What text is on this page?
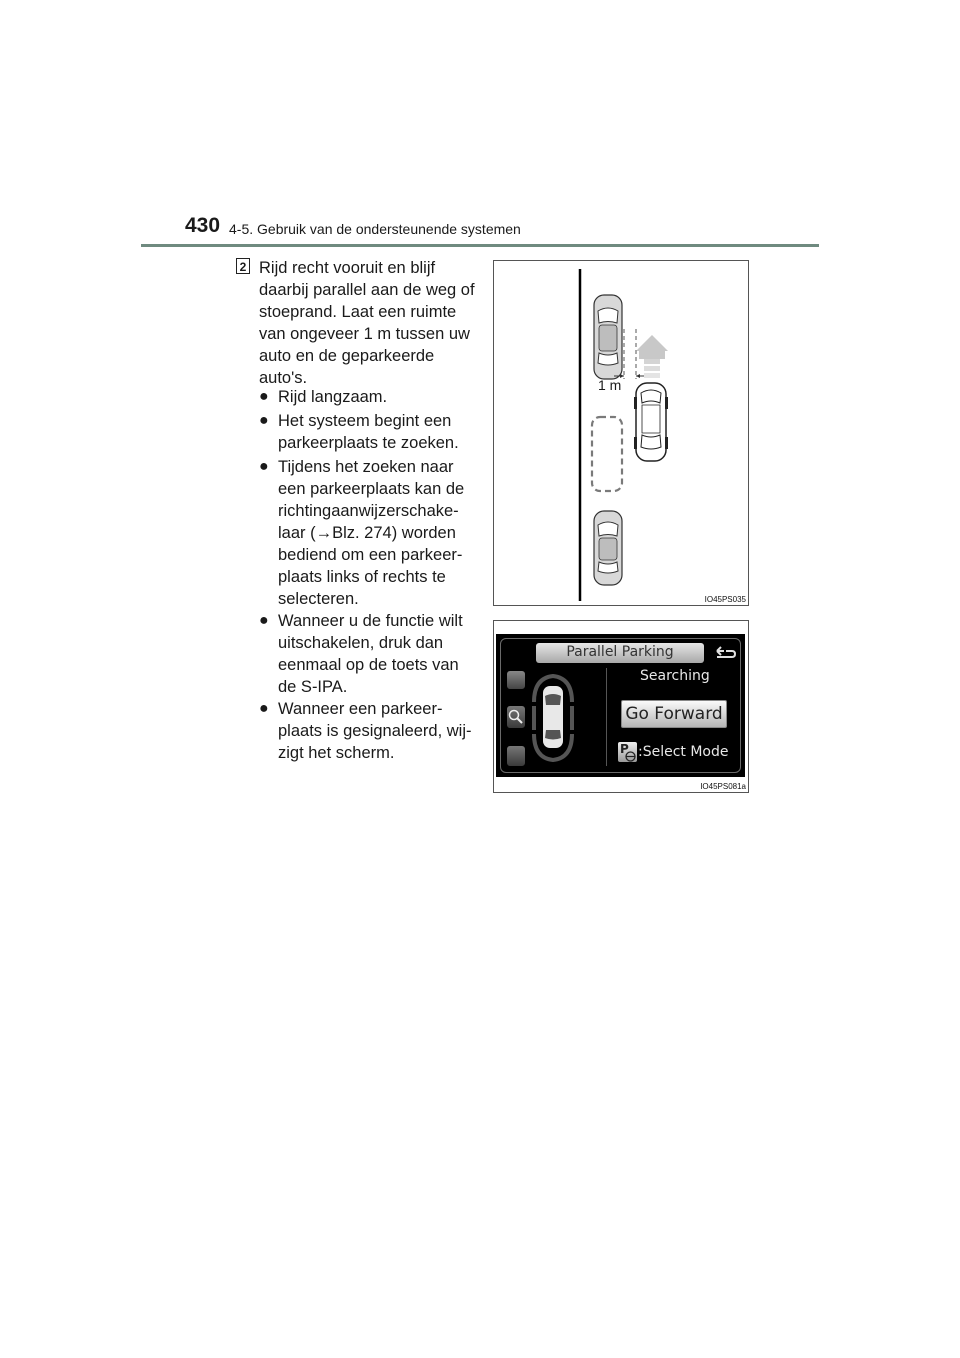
430 4-5. Gebruik van de ondersteunende systemen
2 Rijd recht vooruit en blijf
daarbij parallel aan de weg of
stoeprand. Laat een ruimte
van ongeveer 1 m tussen uw
auto en de geparkeerde
auto's.
● Rijd langzaam.
● Het systeem begint een
parkeerplaats te zoeken.
● Tijdens het zoeken naar
een parkeerplaats kan de
richtingaanwijzerschake-
laar (→Blz. 274) worden
bediend om een parkeer-
plaats links of rechts te
selecteren.
● Wanneer u de functie wilt
uitschakelen, druk dan
eenmaal op de toets van
de S-IPA.
● Wanneer een parkeer-
plaats is gesignaleerd, wij-
zigt het scherm.
1 m
IO45PS035
Parallel Parking
Searching
Go Forward
P :Select Mode
IO45PS081a
